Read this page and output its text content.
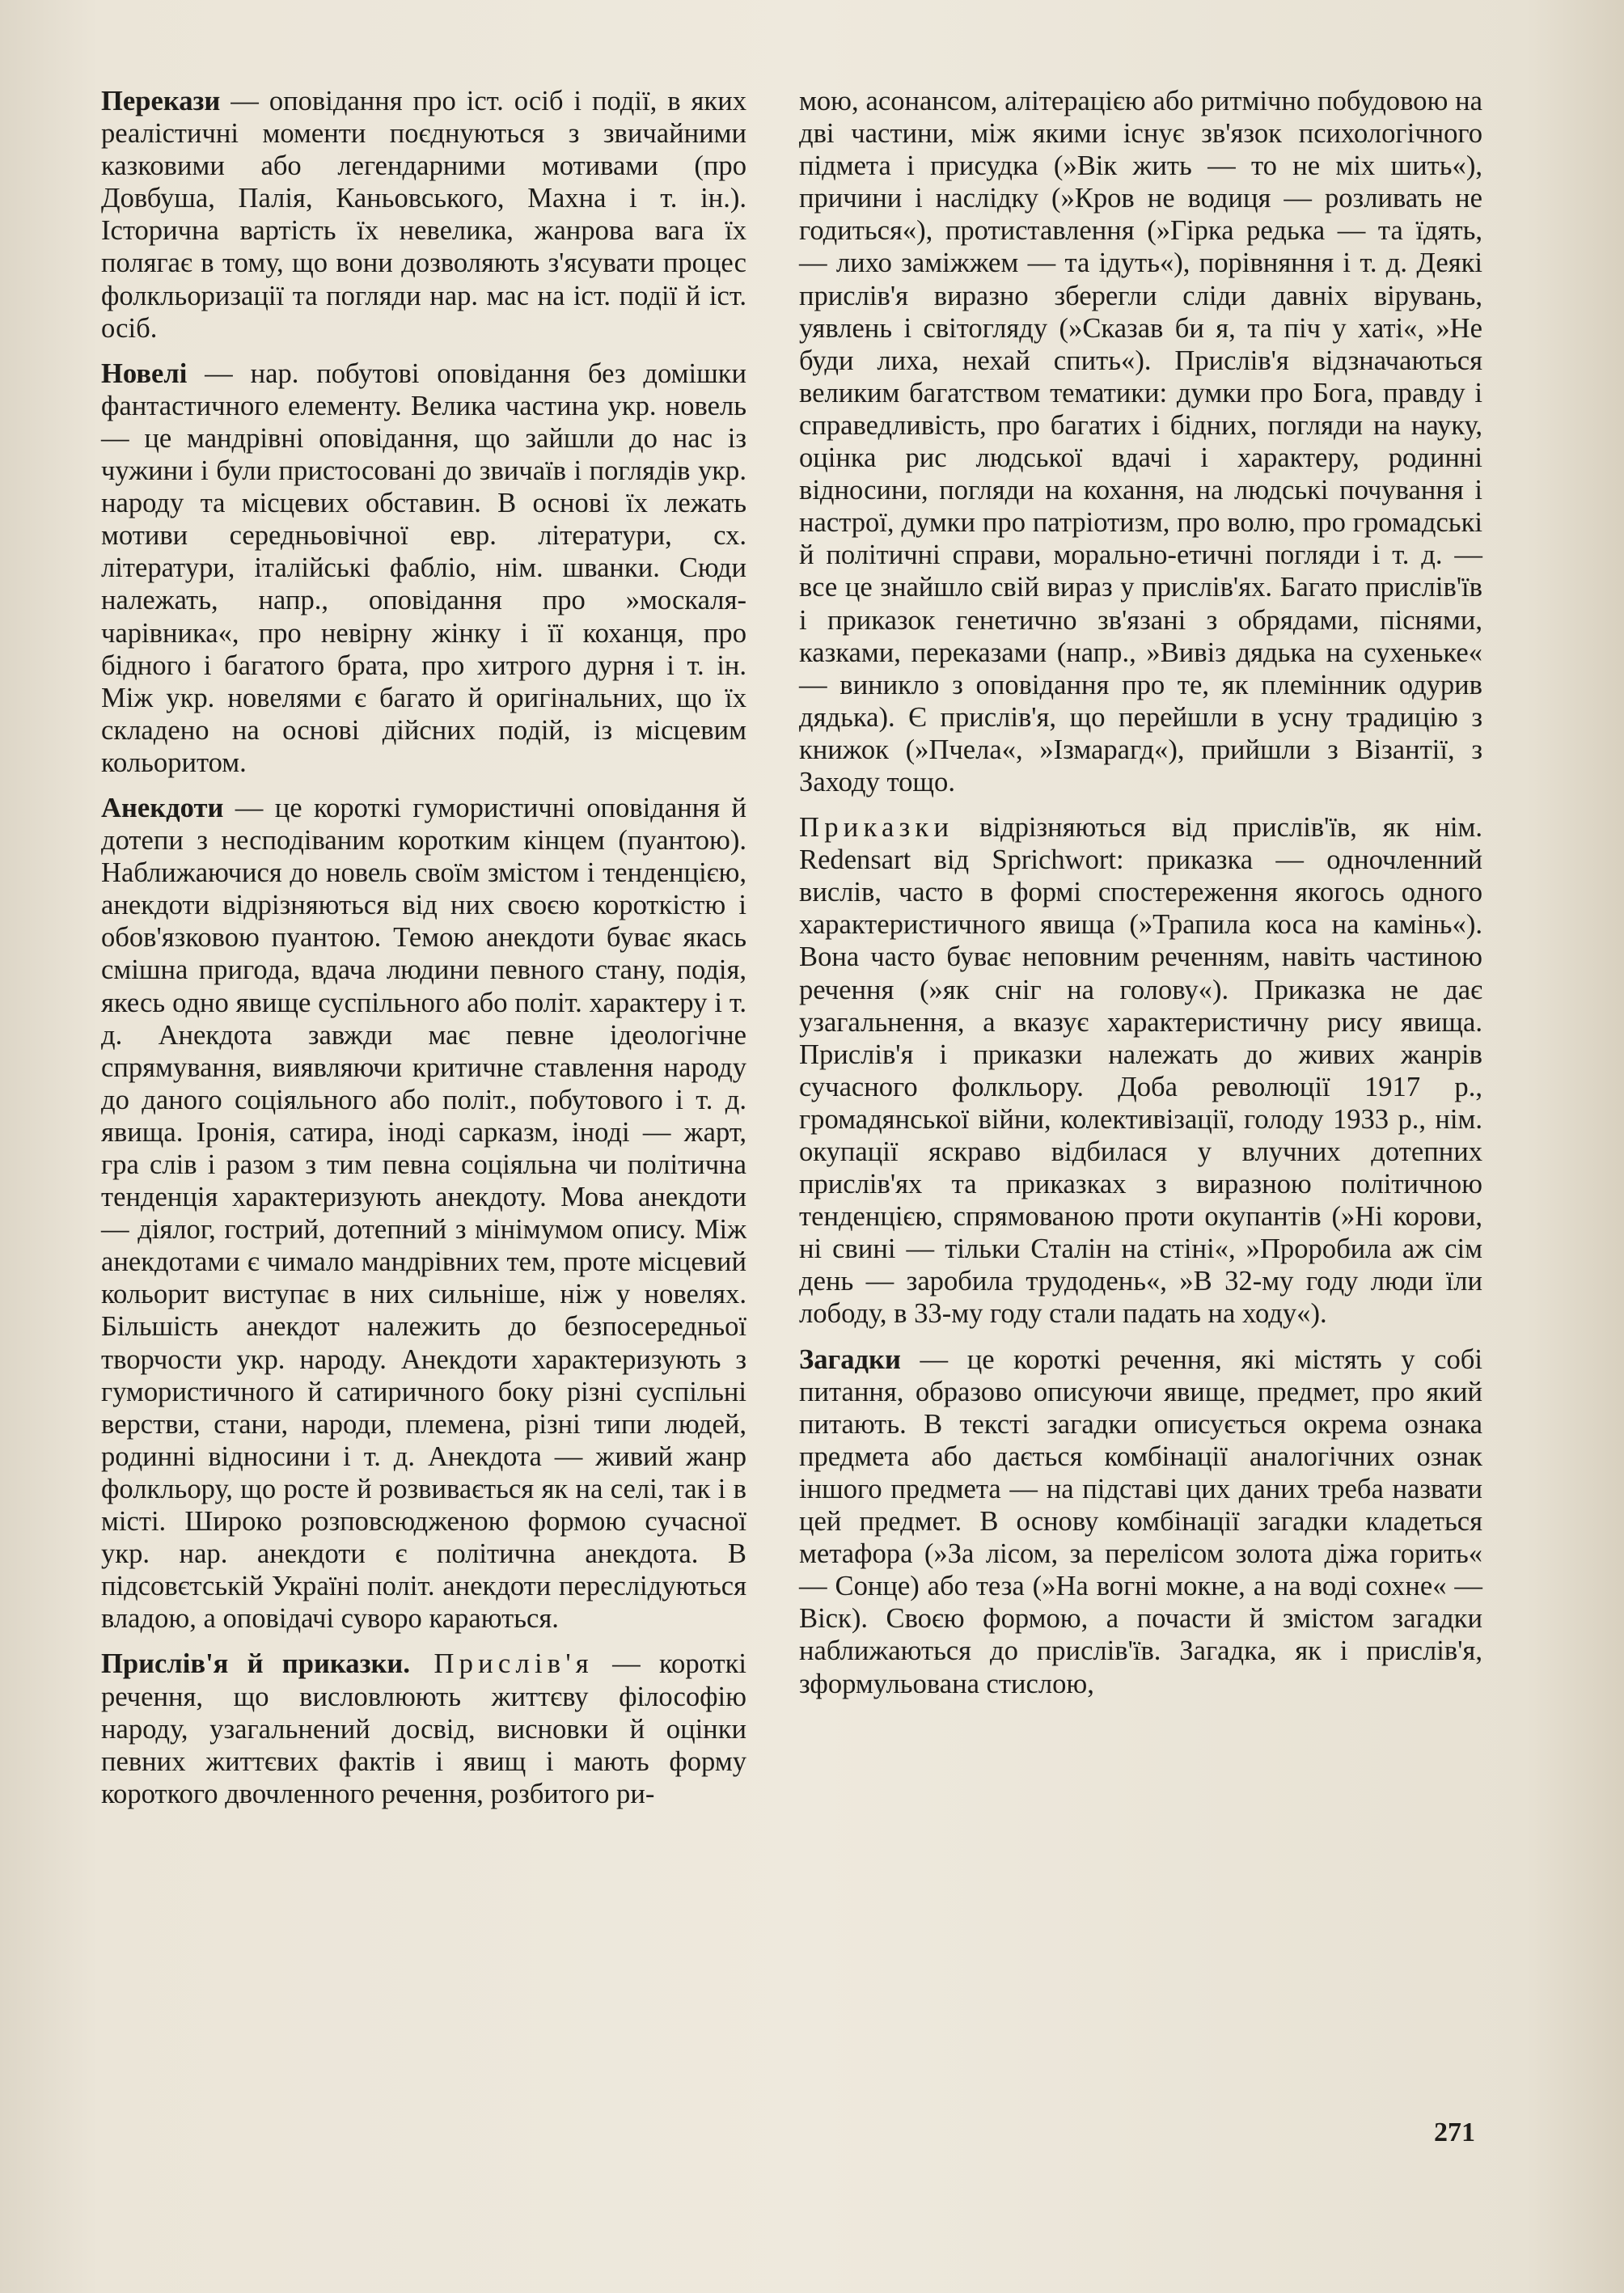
Перекази — оповідання про іст. осіб і події, в яких реалістичні моменти поєднуються з звичайними казковими або легендарними мотивами (про Довбуша, Палія, Каньовського, Махна і т. ін.). Історична вартість їх невелика, жанрова вага їх полягає в тому, що вони дозволяють з'ясувати процес фолкльоризації та погляди нар. мас на іст. події й іст. осіб.

Новелі — нар. побутові оповідання без домішки фантастичного елементу. Велика частина укр. новель — це мандрівні оповідання, що зайшли до нас із чужини і були пристосовані до звичаїв і поглядів укр. народу та місцевих обставин. В основі їх лежать мотиви середньовічної евр. літератури, сх. літератури, італійські фабліо, нім. шванки. Сюди належать, напр., оповідання про »москаля-чарівника«, про невірну жінку і її коханця, про бідного і багатого брата, про хитрого дурня і т. ін. Між укр. новелями є багато й оригінальних, що їх складено на основі дійсних подій, із місцевим кольоритом.

Анекдоти — це короткі гумористичні оповідання й дотепи з несподіваним коротким кінцем (пуантою). Наближаючися до новель своїм змістом і тенденцією, анекдоти відрізняються від них своєю короткістю і обов'язковою пуантою. Темою анекдоти буває якась смішна пригода, вдача людини певного стану, подія, якесь одно явище суспільного або політ. характеру і т. д. Анекдота завжди має певне ідеологічне спрямування, виявляючи критичне ставлення народу до даного соціяльного або політ., побутового і т. д. явища. Іронія, сатира, іноді сарказм, іноді — жарт, гра слів і разом з тим певна соціяльна чи політична тенденція характеризують анекдоту. Мова анекдоти — діялог, гострий, дотепний з мінімумом опису. Між анекдотами є чимало мандрівних тем, проте місцевий кольорит виступає в них сильніше, ніж у новелях. Більшість анекдот належить до безпосередньої творчости укр. народу. Анекдоти характеризують з гумористичного й сатиричного боку різні суспільні верстви, стани, народи, племена, різні типи людей, родинні відносини і т. д. Анекдота — живий жанр фолкльору, що росте й розвивається як на селі, так і в місті. Широко розповсюдженою формою сучасної укр. нар. анекдоти є політична анекдота. В підсовєтській Україні політ. анекдоти переслідуються владою, а оповідачі суворо караються.

Прислів'я й приказки. Прислів'я — короткі речення, що висловлюють життєву філософію народу, узагальнений досвід, висновки й оцінки певних життєвих фактів і явищ і мають форму короткого двочленного речення, розбитого ри-

мою, асонансом, алітерацією або ритмічно побудовою на дві частини, між якими існує зв'язок психологічного підмета і присудка (»Вік жить — то не міх шить«), причини і наслідку (»Кров не водиця — розливать не годиться«), протиставлення (»Гірка редька — та їдять, — лихо заміжжем — та ідуть«), порівняння і т. д. Деякі прислів'я виразно зберегли сліди давніх вірувань, уявлень і світогляду (»Сказав би я, та піч у хаті«, »Не буди лиха, нехай спить«). Прислів'я відзначаються великим багатством тематики: думки про Бога, правду і справедливість, про багатих і бідних, погляди на науку, оцінка рис людської вдачі і характеру, родинні відносини, погляди на кохання, на людські почування і настрої, думки про патріотизм, про волю, про громадські й політичні справи, морально-етичні погляди і т. д. — все це знайшло свій вираз у прислів'ях. Багато прислів'їв і приказок генетично зв'язані з обрядами, піснями, казками, переказами (напр., »Вивіз дядька на сухеньке« — виникло з оповідання про те, як племінник одурив дядька). Є прислів'я, що перейшли в усну традицію з книжок (»Пчела«, »Ізмарагд«), прийшли з Візантії, з Заходу тощо.

Приказки відрізняються від прислів'їв, як нім. Redensart від Sprichwort: приказка — одночленний вислів, часто в формі спостереження якогось одного характеристичного явища (»Трапила коса на камінь«). Вона часто буває неповним реченням, навіть частиною речення (»як сніг на голову«). Приказка не дає узагальнення, а вказує характеристичну рису явища. Прислів'я і приказки належать до живих жанрів сучасного фолкльору. Доба революції 1917 р., громадянської війни, колективізації, голоду 1933 р., нім. окупації яскраво відбилася у влучних дотепних прислів'ях та приказках з виразною політичною тенденцією, спрямованою проти окупантів (»Ні корови, ні свині — тільки Сталін на стіні«, »Проробила аж сім день — заробила трудодень«, »В 32-му году люди їли лободу, в 33-му году стали падать на ходу«).

Загадки — це короткі речення, які містять у собі питання, образово описуючи явище, предмет, про який питають. В тексті загадки описується окрема ознака предмета або дається комбінації аналогічних ознак іншого предмета — на підставі цих даних треба назвати цей предмет. В основу комбінації загадки кладеться метафора (»За лісом, за перелісом золота діжа горить« — Сонце) або теза (»На вогні мокне, а на воді сохне« — Віск). Своєю формою, а почасти й змістом загадки наближаються до прислів'їв. Загадка, як і прислів'я, зформульована стислою,

271
